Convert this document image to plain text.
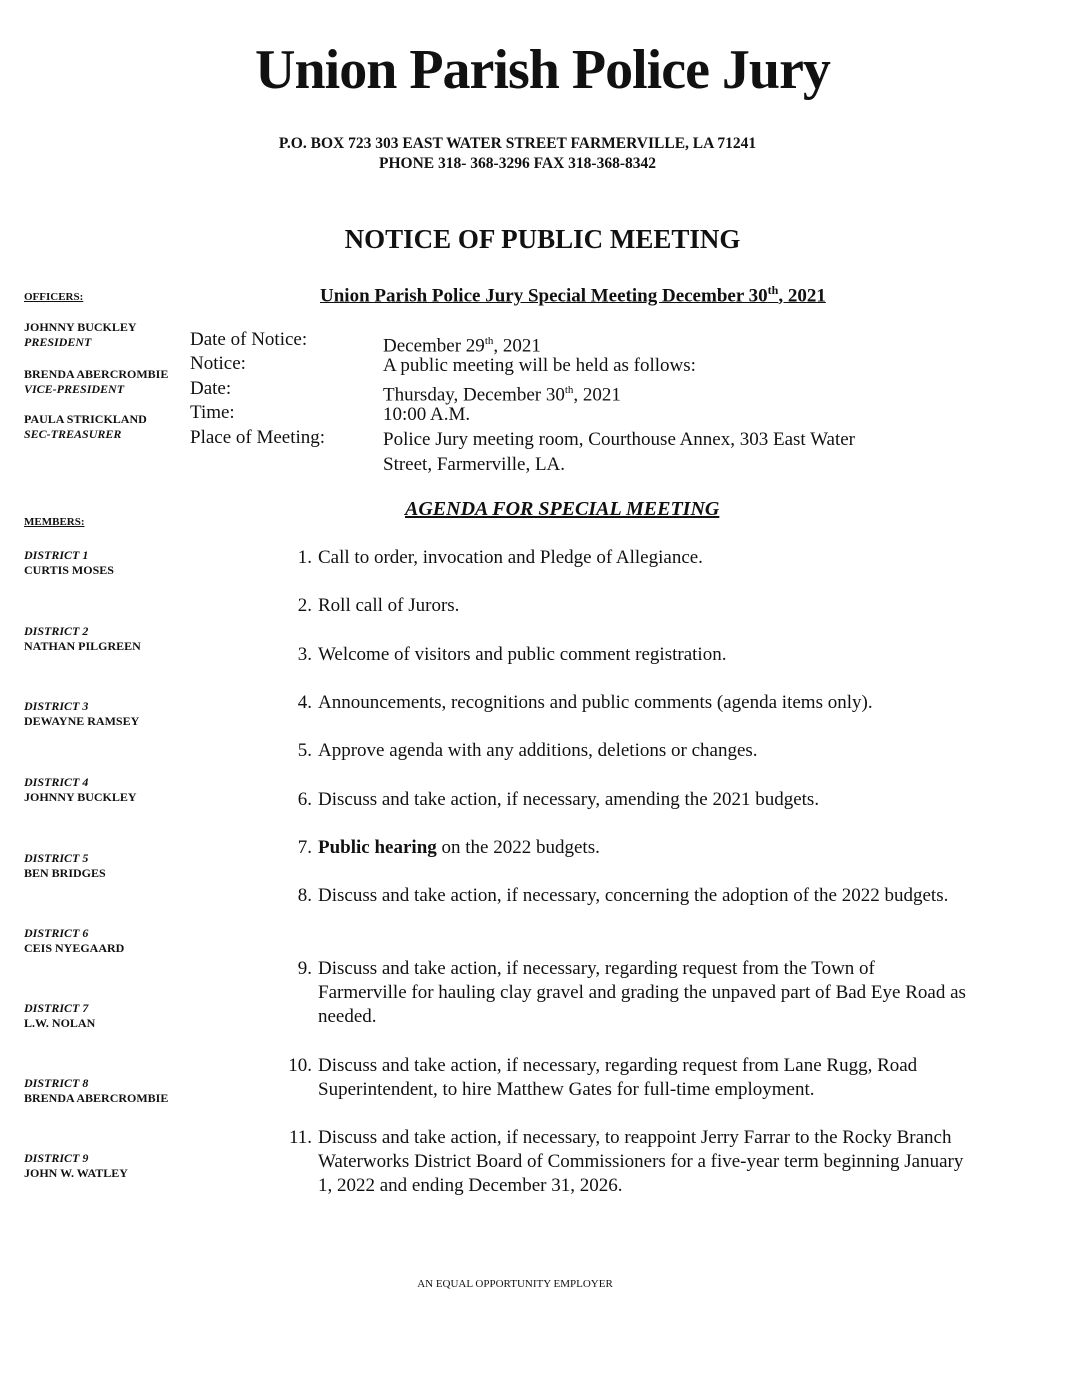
Union Parish Police Jury
P.O. BOX 723 303 EAST WATER STREET FARMERVILLE, LA 71241
PHONE 318- 368-3296 FAX 318-368-8342
NOTICE OF PUBLIC MEETING
Union Parish Police Jury Special Meeting December 30th, 2021
OFFICERS:
JOHNNY BUCKLEY
PRESIDENT
BRENDA ABERCROMBIE
VICE-PRESIDENT
PAULA STRICKLAND
SEC-TREASURER
Date of Notice:	December 29th, 2021
Notice:	A public meeting will be held as follows:
Date:	Thursday, December 30th, 2021
Time:	10:00 A.M.
Place of Meeting:	Police Jury meeting room, Courthouse Annex, 303 East Water
Street, Farmerville, LA.
AGENDA FOR SPECIAL MEETING
MEMBERS:
DISTRICT 1
CURTIS MOSES
DISTRICT 2
NATHAN PILGREEN
DISTRICT 3
DEWAYNE RAMSEY
DISTRICT 4
JOHNNY BUCKLEY
DISTRICT 5
BEN BRIDGES
DISTRICT 6
CEIS NYEGAARD
DISTRICT 7
L.W. NOLAN
DISTRICT 8
BRENDA ABERCROMBIE
DISTRICT 9
JOHN W. WATLEY
1. Call to order, invocation and Pledge of Allegiance.
2. Roll call of Jurors.
3. Welcome of visitors and public comment registration.
4. Announcements, recognitions and public comments (agenda items only).
5. Approve agenda with any additions, deletions or changes.
6. Discuss and take action, if necessary, amending the 2021 budgets.
7. Public hearing on the 2022 budgets.
8. Discuss and take action, if necessary, concerning the adoption of the 2022 budgets.
9. Discuss and take action, if necessary, regarding request from the Town of Farmerville for hauling clay gravel and grading the unpaved part of Bad Eye Road as needed.
10. Discuss and take action, if necessary, regarding request from Lane Rugg, Road Superintendent, to hire Matthew Gates for full-time employment.
11. Discuss and take action, if necessary, to reappoint Jerry Farrar to the Rocky Branch Waterworks District Board of Commissioners for a five-year term beginning January 1, 2022 and ending December 31, 2026.
AN EQUAL OPPORTUNITY EMPLOYER
